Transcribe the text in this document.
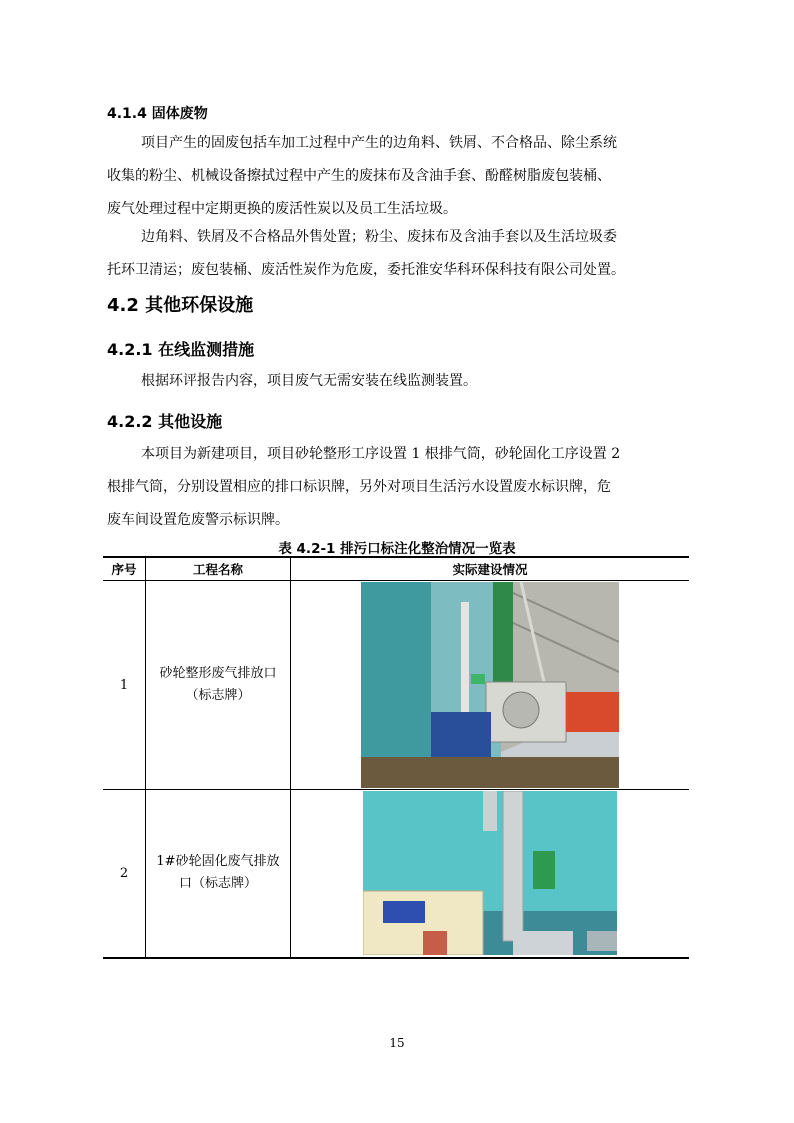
4.1.4 固体废物
项目产生的固废包括车加工过程中产生的边角料、铁屑、不合格品、除尘系统
收集的粉尘、机械设备擦拭过程中产生的废抹布及含油手套、酚醛树脂废包装桶、
废气处理过程中定期更换的废活性炭以及员工生活垃圾。
边角料、铁屑及不合格品外售处置；粉尘、废抹布及含油手套以及生活垃圾委
托环卫清运；废包装桶、废活性炭作为危废，委托淮安华科环保科技有限公司处置。
4.2 其他环保设施
4.2.1 在线监测措施
根据环评报告内容，项目废气无需安装在线监测装置。
4.2.2 其他设施
本项目为新建项目，项目砂轮整形工序设置 1 根排气筒，砂轮固化工序设置 2
根排气筒，分别设置相应的排口标识牌，另外对项目生活污水设置废水标识牌，危
废车间设置危废警示标识牌。
表 4.2-1 排污口标注化整治情况一览表
序号	工程名称	实际建设情况
1	砂轮整形废气排放口
（标志牌）

2	1#砂轮固化废气排放
口（标志牌）

15
